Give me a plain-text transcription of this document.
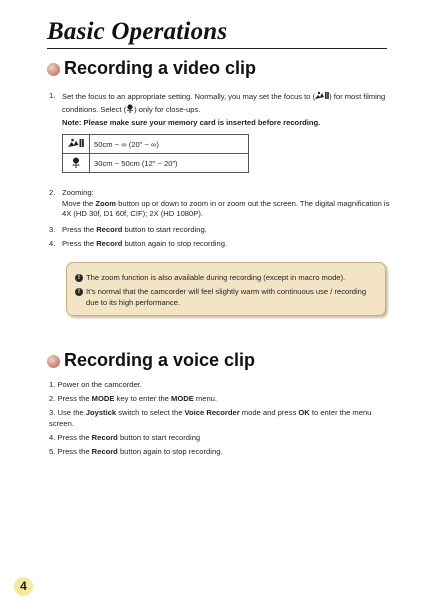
Basic Operations
Recording a video clip
1. Set the focus to an appropriate setting. Normally, you may set the focus to ( ) for most filming conditions. Select ( ) only for close-ups.
Note: Please make sure your memory card is inserted before recording.
	50cm ~ ∞ (20” ~ ∞)
	30cm ~ 50cm (12” ~ 20”)
2. Zooming:
Move the Zoom button up or down to zoom in or zoom out the screen. The digital magnification is 4X (HD 30f, D1 60f, CIF); 2X (HD 1080P).
3. Press the Record button to start recording.
4. Press the Record button again to stop recording.
! The zoom function is also available during recording (except in macro mode).
! It’s normal that the camcorder will feel slightly warm with continuous use / recording due to its high performance.
Recording a voice clip
1. Power on the camcorder.
2. Press the MODE key to enter the MODE menu.
3. Use the Joystick switch to select the Voice Recorder mode and press OK to enter the menu screen.
4. Press the Record button to start recording
5. Press the Record button again to stop recording.
4
